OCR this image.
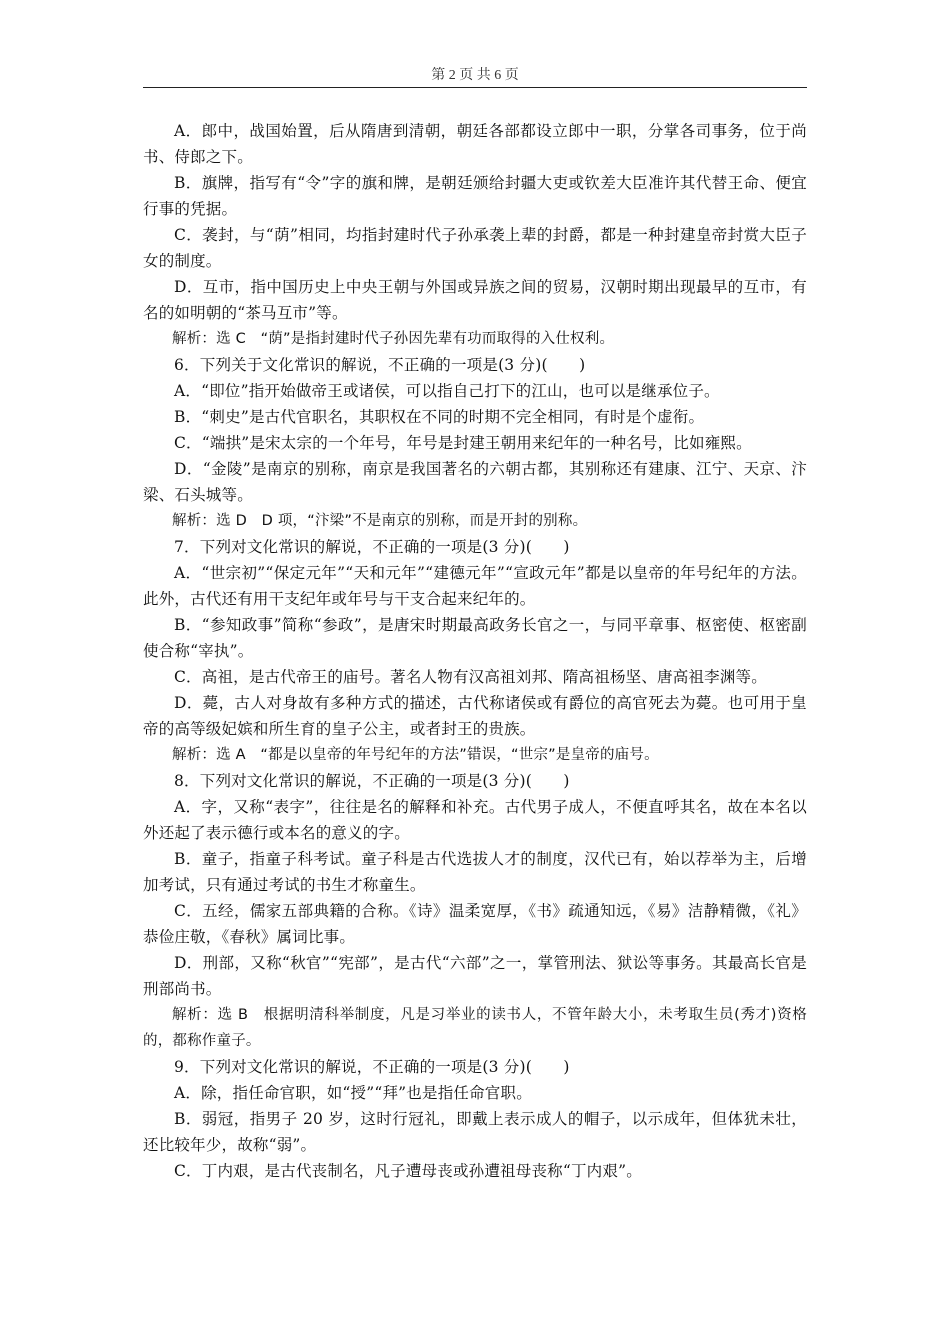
第 2 页 共 6 页

A．郎中，战国始置，后从隋唐到清朝，朝廷各部都设立郎中一职，分掌各司事务，位于尚书、侍郎之下。

B．旗牌，指写有“令”字的旗和牌，是朝廷颁给封疆大吏或钦差大臣准许其代替王命、便宜行事的凭据。

C．袭封，与“荫”相同，均指封建时代子孙承袭上辈的封爵，都是一种封建皇帝封赏大臣子女的制度。

D．互市，指中国历史上中央王朝与外国或异族之间的贸易，汉朝时期出现最早的互市，有名的如明朝的“茶马互市”等。

解析：选 C　“荫”是指封建时代子孙因先辈有功而取得的入仕权利。

6．下列关于文化常识的解说，不正确的一项是(3 分)(　　)

A．“即位”指开始做帝王或诸侯，可以指自己打下的江山，也可以是继承位子。

B．“刺史”是古代官职名，其职权在不同的时期不完全相同，有时是个虚衔。

C．“端拱”是宋太宗的一个年号，年号是封建王朝用来纪年的一种名号，比如雍熙。

D．“金陵”是南京的别称，南京是我国著名的六朝古都，其别称还有建康、江宁、天京、汴梁、石头城等。

解析：选 D　D 项，“汴梁”不是南京的别称，而是开封的别称。

7．下列对文化常识的解说，不正确的一项是(3 分)(　　)

A．“世宗初”“保定元年”“天和元年”“建德元年”“宣政元年”都是以皇帝的年号纪年的方法。此外，古代还有用干支纪年或年号与干支合起来纪年的。

B．“参知政事”简称“参政”，是唐宋时期最高政务长官之一，与同平章事、枢密使、枢密副使合称“宰执”。

C．高祖，是古代帝王的庙号。著名人物有汉高祖刘邦、隋高祖杨坚、唐高祖李渊等。

D．薨，古人对身故有多种方式的描述，古代称诸侯或有爵位的高官死去为薨。也可用于皇帝的高等级妃嫔和所生育的皇子公主，或者封王的贵族。

解析：选 A　“都是以皇帝的年号纪年的方法”错误，“世宗”是皇帝的庙号。

8．下列对文化常识的解说，不正确的一项是(3 分)(　　)

A．字，又称“表字”，往往是名的解释和补充。古代男子成人，不便直呼其名，故在本名以外还起了表示德行或本名的意义的字。

B．童子，指童子科考试。童子科是古代选拔人才的制度，汉代已有，始以荐举为主，后增加考试，只有通过考试的书生才称童生。

C．五经，儒家五部典籍的合称。《诗》温柔宽厚，《书》疏通知远，《易》洁静精微，《礼》恭俭庄敬，《春秋》属词比事。

D．刑部，又称“秋官”“宪部”，是古代“六部”之一，掌管刑法、狱讼等事务。其最高长官是刑部尚书。

解析：选 B　根据明清科举制度，凡是习举业的读书人，不管年龄大小，未考取生员(秀才)资格的，都称作童子。

9．下列对文化常识的解说，不正确的一项是(3 分)(　　)

A．除，指任命官职，如“授”“拜”也是指任命官职。

B．弱冠，指男子 20 岁，这时行冠礼，即戴上表示成人的帽子，以示成年，但体犹未壮，还比较年少，故称“弱”。

C．丁内艰，是古代丧制名，凡子遭母丧或孙遭祖母丧称“丁内艰”。
